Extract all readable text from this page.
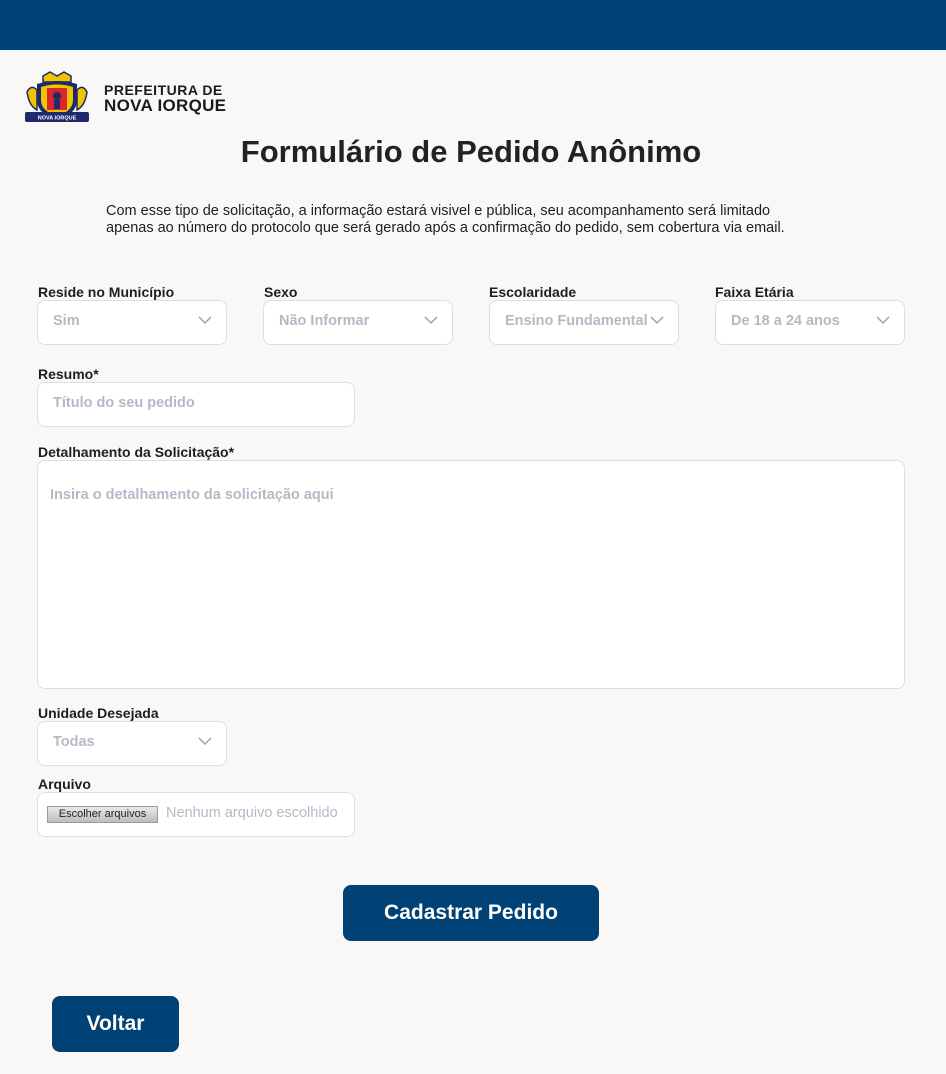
NOVA IORQUE
PREFEITURA DE
NOVA IORQUE
Formulário de Pedido Anônimo
Com esse tipo de solicitação, a informação estará visivel e pública, seu acompanhamento será limitado
apenas ao número do protocolo que será gerado após a confirmação do pedido, sem cobertura via email.
Reside no Município
Sim
Sexo
Não Informar
Escolaridade
Ensino Fundamental
Faixa Etária
De 18 a 24 anos
Resumo*
Título do seu pedido
Detalhamento da Solicitação*
Insira o detalhamento da solicitação aqui
Unidade Desejada
Todas
Arquivo
Escolher arquivos	Nenhum arquivo escolhido
Cadastrar Pedido
Voltar
